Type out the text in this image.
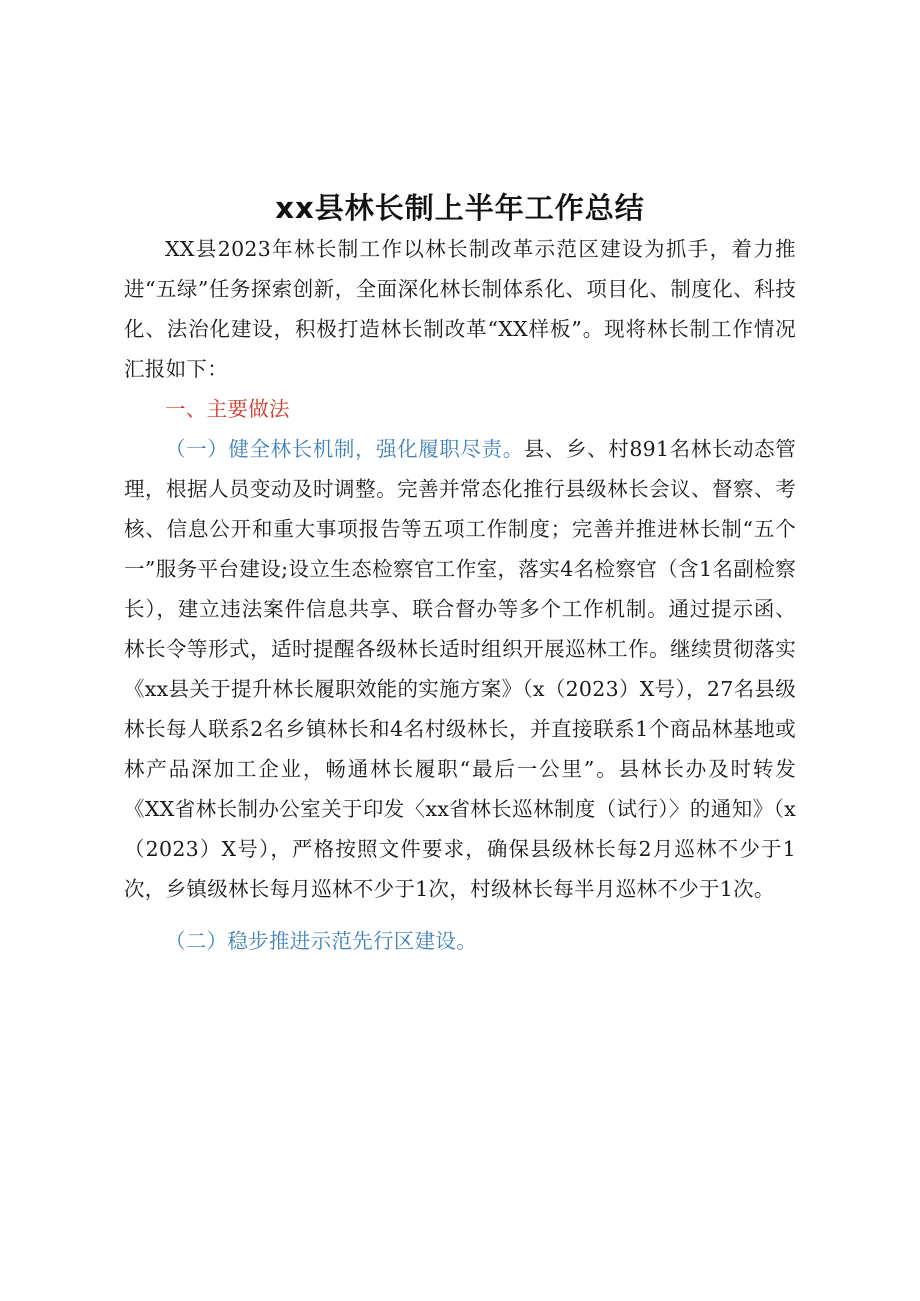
xx县林长制上半年工作总结

XX县2023年林长制工作以林长制改革示范区建设为抓手，着力推进“五绿”任务探索创新，全面深化林长制体系化、项目化、制度化、科技化、法治化建设，积极打造林长制改革“XX样板”。现将林长制工作情况汇报如下：

一、主要做法

（一）健全林长机制，强化履职尽责。县、乡、村891名林长动态管理，根据人员变动及时调整。完善并常态化推行县级林长会议、督察、考核、信息公开和重大事项报告等五项工作制度；完善并推进林长制“五个一”服务平台建设;设立生态检察官工作室，落实4名检察官（含1名副检察长），建立违法案件信息共享、联合督办等多个工作机制。通过提示函、林长令等形式，适时提醒各级林长适时组织开展巡林工作。继续贯彻落实《xx县关于提升林长履职效能的实施方案》（x（2023）X号），27名县级林长每人联系2名乡镇林长和4名村级林长，并直接联系1个商品林基地或林产品深加工企业，畅通林长履职“最后一公里”。县林长办及时转发《XX省林长制办公室关于印发〈xx省林长巡林制度（试行）〉的通知》（x（2023）X号），严格按照文件要求，确保县级林长每2月巡林不少于1次，乡镇级林长每月巡林不少于1次，村级林长每半月巡林不少于1次。

（二）稳步推进示范先行区建设。
